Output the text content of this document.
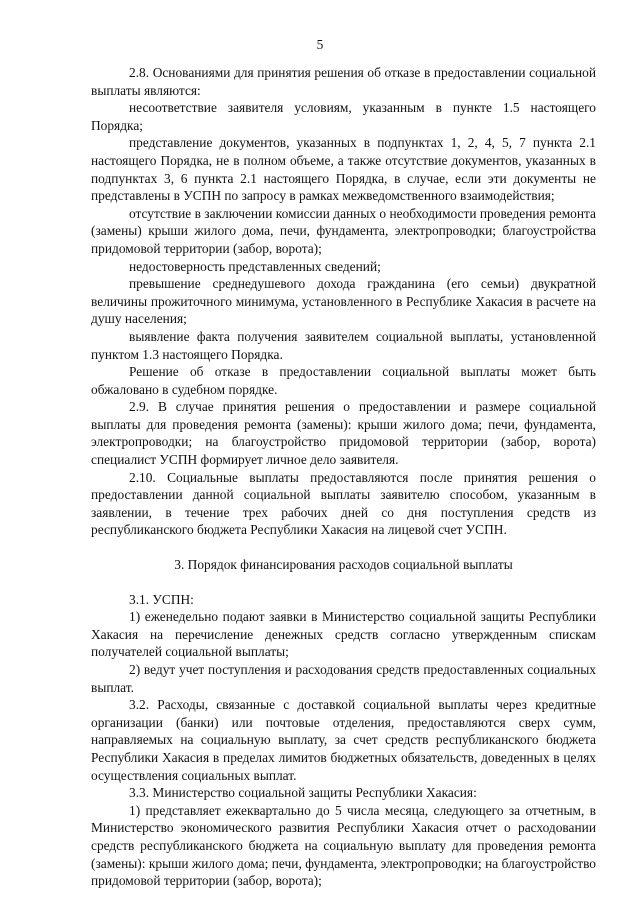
5

2.8. Основаниями для принятия решения об отказе в предоставлении социальной выплаты являются:

несоответствие заявителя условиям, указанным в пункте 1.5 настоящего Порядка;

представление документов, указанных в подпунктах 1, 2, 4, 5, 7 пункта 2.1 настоящего Порядка, не в полном объеме, а также отсутствие документов, указанных в подпунктах 3, 6 пункта 2.1 настоящего Порядка, в случае, если эти документы не представлены в УСПН по запросу в рамках межведомственного взаимодействия;

отсутствие в заключении комиссии данных о необходимости проведения ремонта (замены) крыши жилого дома, печи, фундамента, электропроводки; благоустройства придомовой территории (забор, ворота);

недостоверность представленных сведений;

превышение среднедушевого дохода гражданина (его семьи) двукратной величины прожиточного минимума, установленного в Республике Хакасия в расчете на душу населения;

выявление факта получения заявителем социальной выплаты, установленной пунктом 1.3 настоящего Порядка.

Решение об отказе в предоставлении социальной выплаты может быть обжаловано в судебном порядке.

2.9. В случае принятия решения о предоставлении и размере социальной выплаты для проведения ремонта (замены): крыши жилого дома; печи, фундамента, электропроводки; на благоустройство придомовой территории (забор, ворота) специалист УСПН формирует личное дело заявителя.

2.10. Социальные выплаты предоставляются после принятия решения о предоставлении данной социальной выплаты заявителю способом, указанным в заявлении, в течение трех рабочих дней со дня поступления средств из республиканского бюджета Республики Хакасия на лицевой счет УСПН.

3. Порядок финансирования расходов социальной выплаты

3.1. УСПН:

1) еженедельно подают заявки в Министерство социальной защиты Республики Хакасия на перечисление денежных средств согласно утвержденным спискам получателей социальной выплаты;

2) ведут учет поступления и расходования средств предоставленных социальных выплат.

3.2. Расходы, связанные с доставкой социальной выплаты через кредитные организации (банки) или почтовые отделения, предоставляются сверх сумм, направляемых на социальную выплату, за счет средств республиканского бюджета Республики Хакасия в пределах лимитов бюджетных обязательств, доведенных в целях осуществления социальных выплат.

3.3. Министерство социальной защиты Республики Хакасия:

1) представляет ежеквартально до 5 числа месяца, следующего за отчетным, в Министерство экономического развития Республики Хакасия отчет о расходовании средств республиканского бюджета на социальную выплату для проведения ремонта (замены): крыши жилого дома; печи, фундамента, электропроводки; на благоустройство придомовой территории (забор, ворота);
